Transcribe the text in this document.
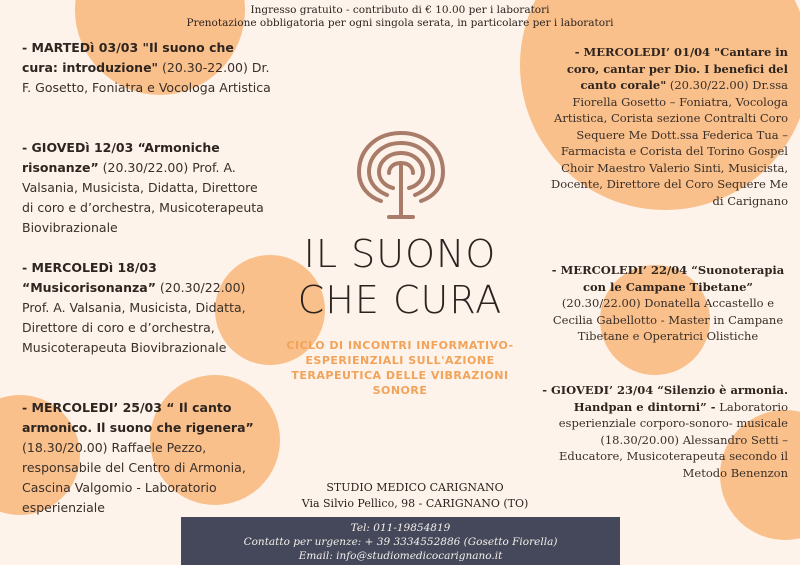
Ingresso gratuito - contributo di € 10.00 per i laboratori
Prenotazione obbligatoria per ogni singola serata, in particolare per i laboratori
- MARTEDì 03/03 "Il suono che cura: introduzione" (20.30-22.00) Dr. F. Gosetto, Foniatra e Vocologa Artistica
- GIOVEDì 12/03 “Armoniche risonanze” (20.30/22.00) Prof. A. Valsania, Musicista, Didatta, Direttore di coro e d’orchestra, Musicoterapeuta Biovibrazionale
- MERCOLEDì 18/03 “Musicorisonanza” (20.30/22.00) Prof. A. Valsania, Musicista, Didatta, Direttore di coro e d’orchestra, Musicoterapeuta Biovibrazionale
- MERCOLEDI’ 25/03 “ Il canto armonico. Il suono che rigenera” (18.30/20.00) Raffaele Pezzo, responsabile del Centro di Armonia, Cascina Valgomio - Laboratorio esperienziale
IL SUONO
CHE CURA
CICLO DI INCONTRI INFORMATIVO-ESPERIENZIALI SULL'AZIONE TERAPEUTICA DELLE VIBRAZIONI SONORE
STUDIO MEDICO CARIGNANO
Via Silvio Pellico, 98 - CARIGNANO (TO)
- MERCOLEDI’ 01/04 "Cantare in coro, cantar per Dio. I benefici del canto corale" (20.30/22.00) Dr.ssa Fiorella Gosetto – Foniatra, Vocologa Artistica, Corista sezione Contralti Coro Sequere Me Dott.ssa Federica Tua – Farmacista e Corista del Torino Gospel Choir Maestro Valerio Sinti, Musicista, Docente, Direttore del Coro Sequere Me di Carignano
- MERCOLEDI’ 22/04 “Suonoterapia con le Campane Tibetane” (20.30/22.00) Donatella Accastello e Cecilia Gabellotto - Master in Campane Tibetane e Operatrici Olistiche
- GIOVEDI’ 23/04 “Silenzio è armonia. Handpan e dintorni” - Laboratorio esperienziale corporo-sonoro- musicale (18.30/20.00) Alessandro Setti – Educatore, Musicoterapeuta secondo il Metodo Benenzon
Tel: 011-19854819
Contatto per urgenze: + 39 3334552886 (Gosetto Fiorella)
Email: info@studiomedicocarignano.it
